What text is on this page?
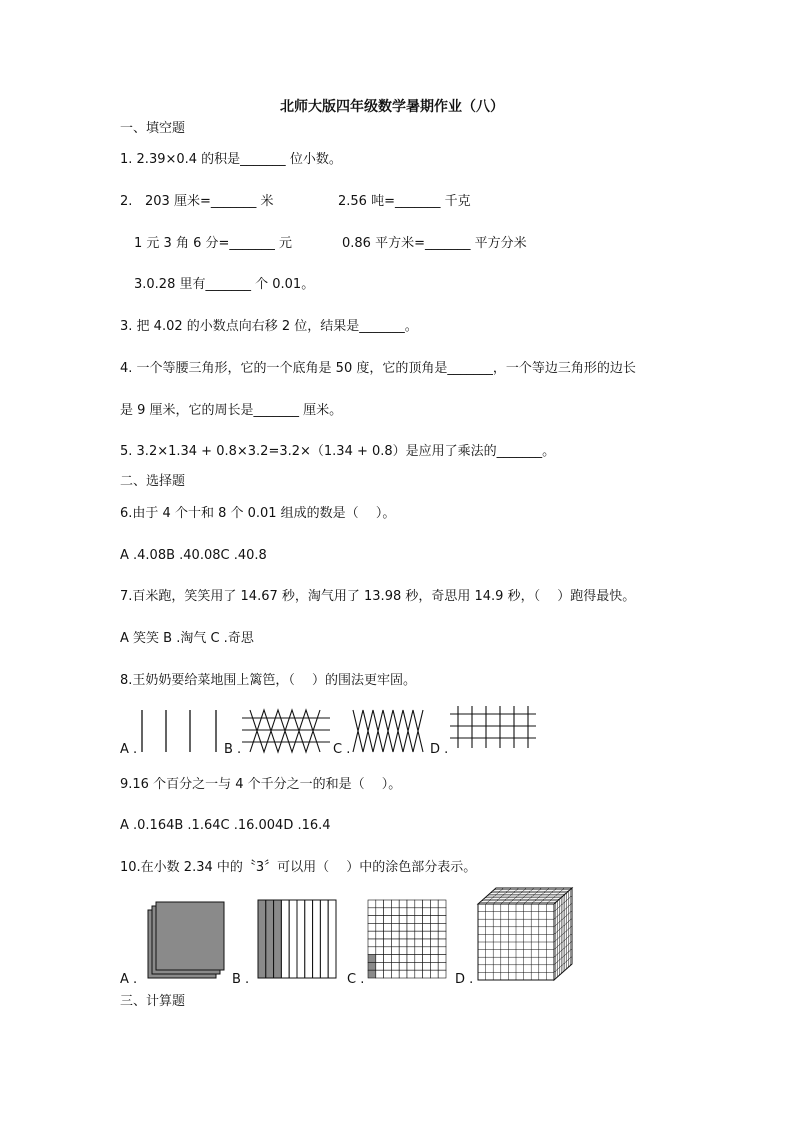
北师大版四年级数学暑期作业（八）
一、填空题
1. 2.39×0.4 的积是_______ 位小数。
2. 203 厘米=_______ 米	2.56 吨=_______ 千克
1 元 3 角 6 分=_______ 元	0.86 平方米=_______ 平方分米
3.0.28 里有_______ 个 0.01。
3. 把 4.02 的小数点向右移 2 位，结果是_______。
4. 一个等腰三角形，它的一个底角是 50 度，它的顶角是_______，一个等边三角形的边长
是 9 厘米，它的周长是_______ 厘米。
5. 3.2×1.34 + 0.8×3.2=3.2×（1.34 + 0.8）是应用了乘法的_______。
二、选择题
6.由于 4 个十和 8 个 0.01 组成的数是（　 ）。
A .4.08B .40.08C .40.8
7.百米跑，笑笑用了 14.67 秒，淘气用了 13.98 秒，奇思用 14.9 秒，（　 ）跑得最快。
A 笑笑 B .淘气 C .奇思
8.王奶奶要给菜地围上篱笆，（　 ）的围法更牢固。
A .	B .	C .	D .
9.16 个百分之一与 4 个千分之一的和是（　 ）。
A .0.164B .1.64C .16.004D .16.4
10.在小数 2.34 中的〝3〞可以用（　 ）中的涂色部分表示。
A .	B .	C .	D .
三、计算题
